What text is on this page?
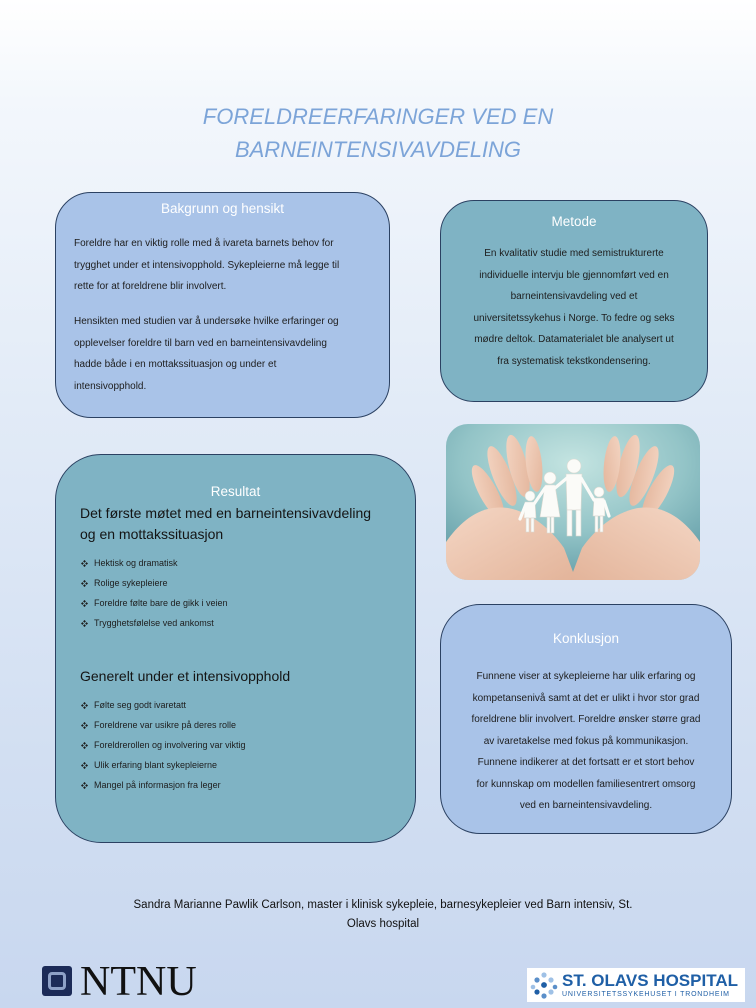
FORELDREERFARINGER VED EN
BARNEINTENSIVAVDELING
Bakgrunn og hensikt
Foreldre har en viktig rolle med å ivareta barnets behov for
trygghet under et intensivopphold. Sykepleierne må legge til
rette for at foreldrene blir involvert.
Hensikten med studien var å undersøke hvilke erfaringer og
opplevelser foreldre til barn ved en barneintensivavdeling
hadde både i en mottakssituasjon og under et
intensivopphold.
Metode
En kvalitativ studie med semistrukturerte
individuelle intervju ble gjennomført ved en
barneintensivavdeling ved et
universitetssykehus i Norge. To fedre og seks
mødre deltok. Datamaterialet ble analysert ut
fra systematisk tekstkondensering.
Resultat
Det første møtet med en barneintensivavdeling
og en mottakssituasjon
Hektisk og dramatisk
Rolige sykepleiere
Foreldre følte bare de gikk i veien
Trygghetsfølelse ved ankomst
Generelt under et intensivopphold
Følte seg godt ivaretatt
Foreldrene var usikre på deres rolle
Foreldrerollen og involvering var viktig
Ulik erfaring blant sykepleierne
Mangel på informasjon fra leger
Konklusjon
Funnene viser at sykepleierne har ulik erfaring og
kompetansenivå samt at det er ulikt i hvor stor grad
foreldrene blir involvert. Foreldre ønsker større grad
av ivaretakelse med fokus på kommunikasjon.
Funnene indikerer at det fortsatt er et stort behov
for kunnskap om modellen familiesentrert omsorg
ved en barneintensivavdeling.
Sandra Marianne Pawlik Carlson, master i klinisk sykepleie, barnesykepleier ved Barn intensiv, St.
Olavs hospital
NTNU	ST. OLAVS HOSPITAL
UNIVERSITETSSYKEHUSET I TRONDHEIM
